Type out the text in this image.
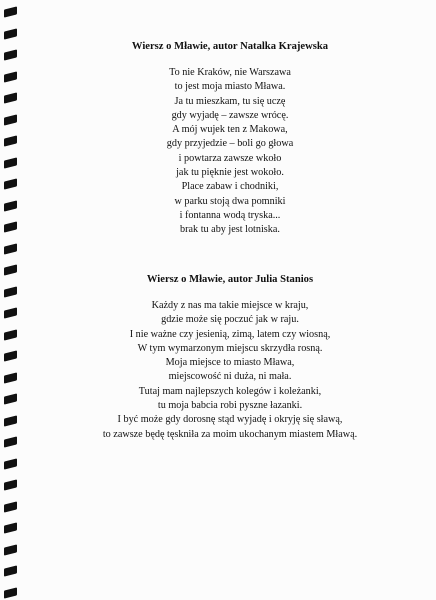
Wiersz o Mławie, autor Natalka Krajewska
To nie Kraków, nie Warszawa
to jest moja miasto Mława.
Ja tu mieszkam, tu się uczę
gdy wyjadę – zawsze wrócę.
A mój wujek ten z Makowa,
gdy przyjedzie – boli go głowa
i powtarza zawsze wkoło
jak tu pięknie jest wokoło.
Place zabaw i chodniki,
w parku stoją dwa pomniki
i fontanna wodą tryska...
brak tu aby jest lotniska.
Wiersz o Mławie, autor Julia Stanios
Każdy z nas ma takie miejsce w kraju,
gdzie może się poczuć jak w raju.
I nie ważne czy jesienią, zimą, latem czy wiosną,
W tym wymarzonym miejscu skrzydła rosną.
Moja miejsce to miasto Mława,
miejscowość ni duża, ni mała.
Tutaj mam najlepszych kolegów i koleżanki,
tu moja babcia robi pyszne łazanki.
I być może gdy dorosnę stąd wyjadę i okryję się sławą,
to zawsze będę tęskniła za moim ukochanym miastem Mławą.
